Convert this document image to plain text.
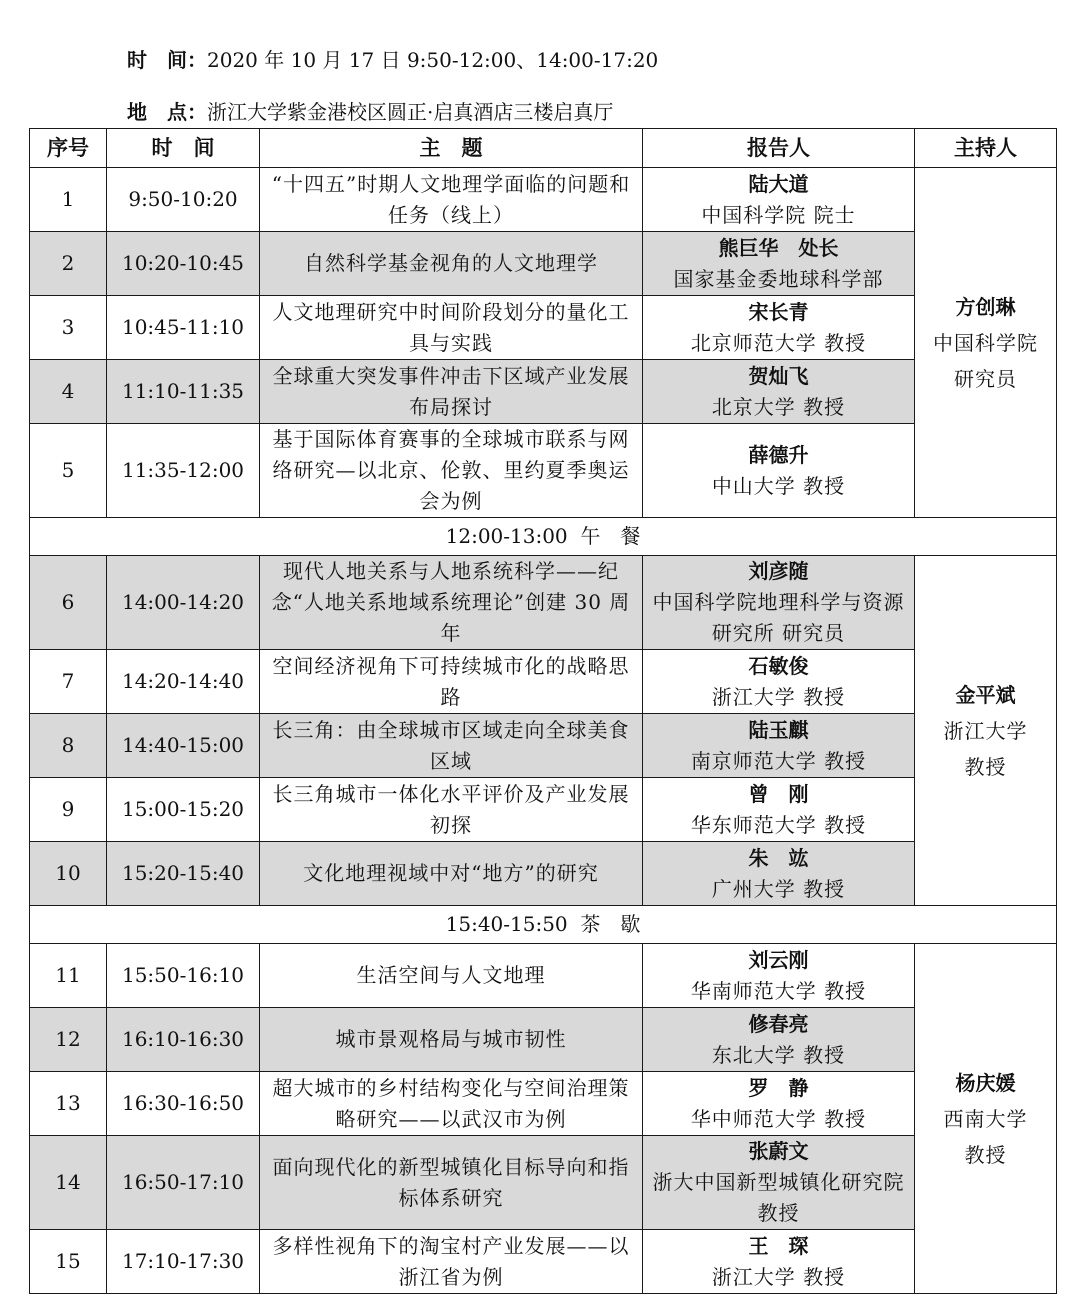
时　间：2020 年 10 月 17 日 9:50-12:00、14:00-17:20
地　点：浙江大学紫金港校区圆正·启真酒店三楼启真厅
序号	时　间	主　题	报告人	主持人
1	9:50-10:20	“十四五”时期人文地理学面临的问题和任务（线上）	陆大道
中国科学院 院士	方创琳
中国科学院
研究员

2	10:20-10:45	自然科学基金视角的人文地理学	熊巨华　处长
国家基金委地球科学部	

3	10:45-11:10	人文地理研究中时间阶段划分的量化工具与实践	宋长青
北京师范大学 教授	

4	11:10-11:35	全球重大突发事件冲击下区域产业发展布局探讨	贺灿飞
北京大学 教授	

5	11:35-12:00	基于国际体育赛事的全球城市联系与网络研究—以北京、伦敦、里约夏季奥运会为例	薛德升
中山大学 教授	

12:00-13:00 午　餐				
6	14:00-14:20	现代人地关系与人地系统科学——纪念“人地关系地域系统理论”创建 30 周年	刘彦随
中国科学院地理科学与资源研究所 研究员	金平斌
浙江大学
教授

7	14:20-14:40	空间经济视角下可持续城市化的战略思路	石敏俊
浙江大学 教授	

8	14:40-15:00	长三角：由全球城市区域走向全球美食区域	陆玉麒
南京师范大学 教授	

9	15:00-15:20	长三角城市一体化水平评价及产业发展初探	曾　刚
华东师范大学 教授	

10	15:20-15:40	文化地理视域中对“地方”的研究	朱　竑
广州大学 教授	

15:40-15:50 茶　歇				
11	15:50-16:10	生活空间与人文地理	刘云刚
华南师范大学 教授	杨庆媛
西南大学
教授

12	16:10-16:30	城市景观格局与城市韧性	修春亮
东北大学 教授	

13	16:30-16:50	超大城市的乡村结构变化与空间治理策略研究——以武汉市为例	罗　静
华中师范大学 教授	

14	16:50-17:10	面向现代化的新型城镇化目标导向和指标体系研究	张蔚文
浙大中国新型城镇化研究院 教授	

15	17:10-17:30	多样性视角下的淘宝村产业发展——以浙江省为例	王　琛
浙江大学 教授	
